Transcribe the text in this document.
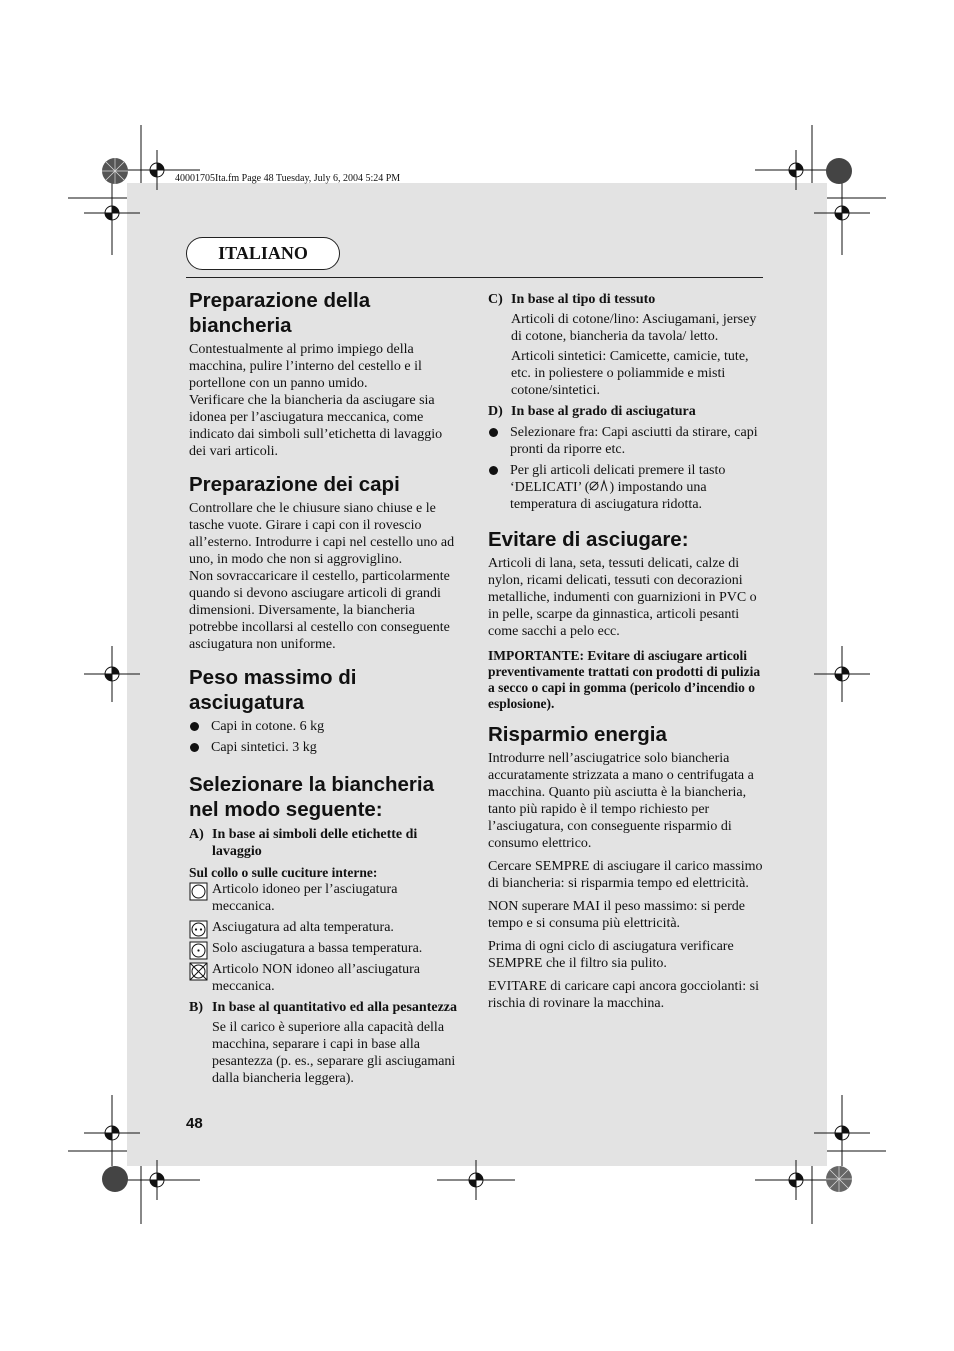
40001705Ita.fm Page 48 Tuesday, July 6, 2004 5:24 PM
ITALIANO
Preparazione della biancheria

Contestualmente al primo impiego della macchina, pulire l’interno del cestello e il portellone con un panno umido.

Verificare che la biancheria da asciugare sia idonea per l’asciugatura meccanica, come indicato dai simboli sull’etichetta di lavaggio dei vari articoli.

Preparazione dei capi

Controllare che le chiusure siano chiuse e le tasche vuote. Girare i capi con il rovescio all’esterno. Introdurre i capi nel cestello uno ad uno, in modo che non si aggroviglino.

Non sovraccaricare il cestello, particolarmente quando si devono asciugare articoli di grandi dimensioni. Diversamente, la biancheria potrebbe incollarsi al cestello con conseguente asciugatura non uniforme.

Peso massimo di asciugatura
Capi in cotone. 6 kg
Capi sintetici. 3 kg
Selezionare la biancheria nel modo seguente:
A) In base ai simboli delle etichette di lavaggio

Sul collo o sulle cuciture interne:

Articolo idoneo per l’asciugatura meccanica.
Asciugatura ad alta temperatura.
Solo asciugatura a bassa temperatura.
Articolo NON idoneo all’asciugatura meccanica.
B) In base al quantitativo ed alla pesantezza

Se il carico è superiore alla capacità della macchina, separare i capi in base alla pesantezza (p. es., separare gli asciugamani dalla biancheria leggera).

C) In base al tipo di tessuto

Articoli di cotone/lino: Asciugamani, jersey di cotone, biancheria da tavola/ letto.

Articoli sintetici: Camicette, camicie, tute, etc. in poliestere o poliammide e misti cotone/sintetici.

D) In base al grado di asciugatura
Selezionare fra: Capi asciutti da stirare, capi pronti da riporre etc.
Per gli articoli delicati premere il tasto ‘DELICATI’ ( ) impostando una temperatura di asciugatura ridotta.
Evitare di asciugare:

Articoli di lana, seta, tessuti delicati, calze di nylon, ricami delicati, tessuti con decorazioni metalliche, indumenti con guarnizioni in PVC o in pelle, scarpe da ginnastica, articoli pesanti come sacchi a pelo ecc.

IMPORTANTE: Evitare di asciugare articoli preventivamente trattati con prodotti di pulizia a secco o capi in gomma (pericolo d’incendio o esplosione).

Risparmio energia

Introdurre nell’asciugatrice solo biancheria accuratamente strizzata a mano o centrifugata a macchina. Quanto più asciutta è la biancheria, tanto più rapido è il tempo richiesto per l’asciugatura, con conseguente risparmio di consumo elettrico.

Cercare SEMPRE di asciugare il carico massimo di biancheria: si risparmia tempo ed elettricità.

NON superare MAI il peso massimo: si perde tempo e si consuma più elettricità.

Prima di ogni ciclo di asciugatura verificare SEMPRE che il filtro sia pulito.

EVITARE di caricare capi ancora gocciolanti: si rischia di rovinare la macchina.

48
